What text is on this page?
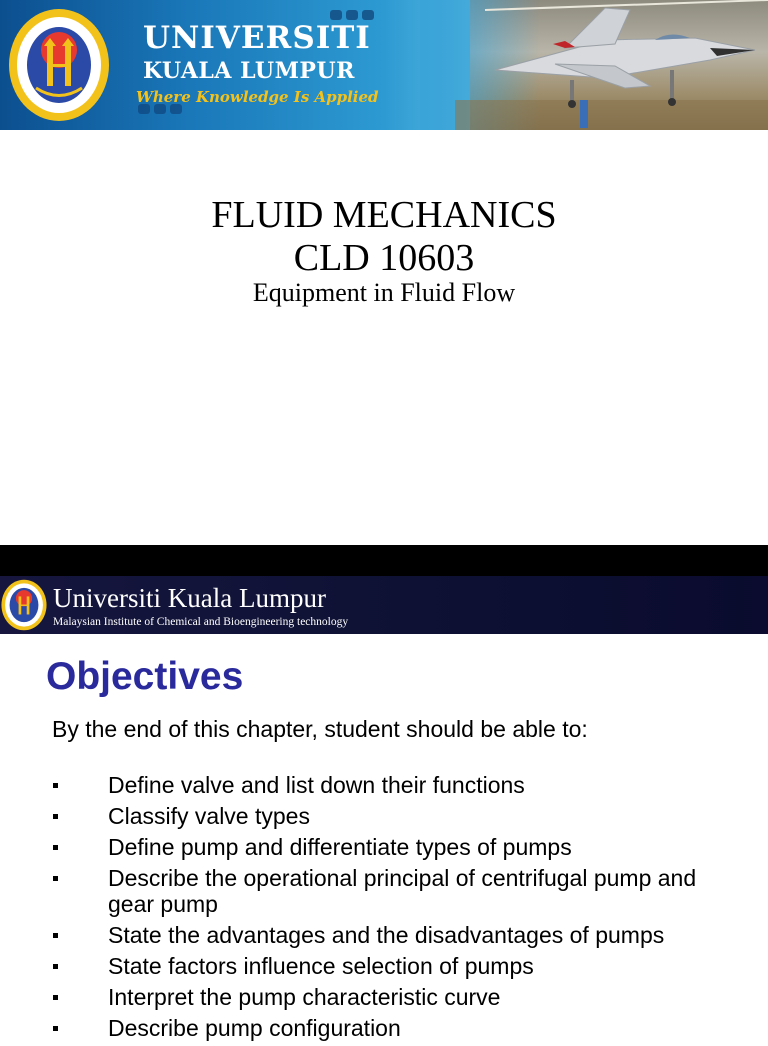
UNIVERSITI
KUALA LUMPUR
Where Knowledge Is Applied
FLUID MECHANICS
CLD 10603
Equipment in Fluid Flow
Universiti Kuala Lumpur
Malaysian Institute of Chemical and Bioengineering technology
Objectives
By the end of this chapter, student should be able to:
Define valve and list down their functions
Classify valve types
Define pump and differentiate types of pumps
Describe the operational principal of centrifugal pump and gear pump
State the advantages and the disadvantages of pumps
State factors influence selection of pumps
Interpret the pump characteristic curve
Describe pump configuration
